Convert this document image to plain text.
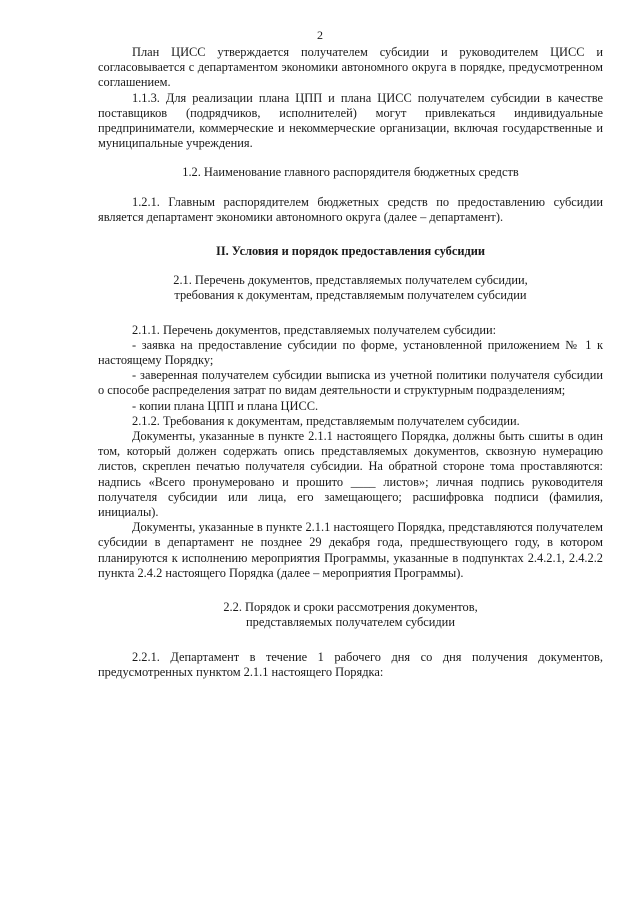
2

План ЦИСС утверждается получателем субсидии и руководителем ЦИСС и согласовывается с департаментом экономики автономного округа в порядке, предусмотренном соглашением.

1.1.3. Для реализации плана ЦПП и плана ЦИСС получателем субсидии в качестве поставщиков (подрядчиков, исполнителей) могут привлекаться индивидуальные предприниматели, коммерческие и некоммерческие организации, включая государственные и муниципальные учреждения.

1.2. Наименование главного распорядителя бюджетных средств

1.2.1. Главным распорядителем бюджетных средств по предоставлению субсидии является департамент экономики автономного округа (далее – департамент).

II. Условия и порядок предоставления субсидии

2.1. Перечень документов, представляемых получателем субсидии,

требования к документам, представляемым получателем субсидии

2.1.1. Перечень документов, представляемых получателем субсидии:

- заявка на предоставление субсидии по форме, установленной приложением № 1 к настоящему Порядку;

- заверенная получателем субсидии выписка из учетной политики получателя субсидии о способе распределения затрат по видам деятельности и структурным подразделениям;

- копии плана ЦПП и плана ЦИСС.

2.1.2. Требования к документам, представляемым получателем субсидии.

Документы, указанные в пункте 2.1.1 настоящего Порядка, должны быть сшиты в один том, который должен содержать опись представляемых документов, сквозную нумерацию листов, скреплен печатью получателя субсидии. На обратной стороне тома проставляются: надпись «Всего пронумеровано и прошито ____ листов»; личная подпись руководителя получателя субсидии или лица, его замещающего; расшифровка подписи (фамилия, инициалы).

Документы, указанные в пункте 2.1.1 настоящего Порядка, представляются получателем субсидии в департамент не позднее 29 декабря года, предшествующего году, в котором планируются к исполнению мероприятия Программы, указанные в подпунктах 2.4.2.1, 2.4.2.2 пункта 2.4.2 настоящего Порядка (далее – мероприятия Программы).

2.2. Порядок и сроки рассмотрения документов,

представляемых получателем субсидии

2.2.1. Департамент в течение 1 рабочего дня со дня получения документов, предусмотренных пунктом 2.1.1 настоящего Порядка:
